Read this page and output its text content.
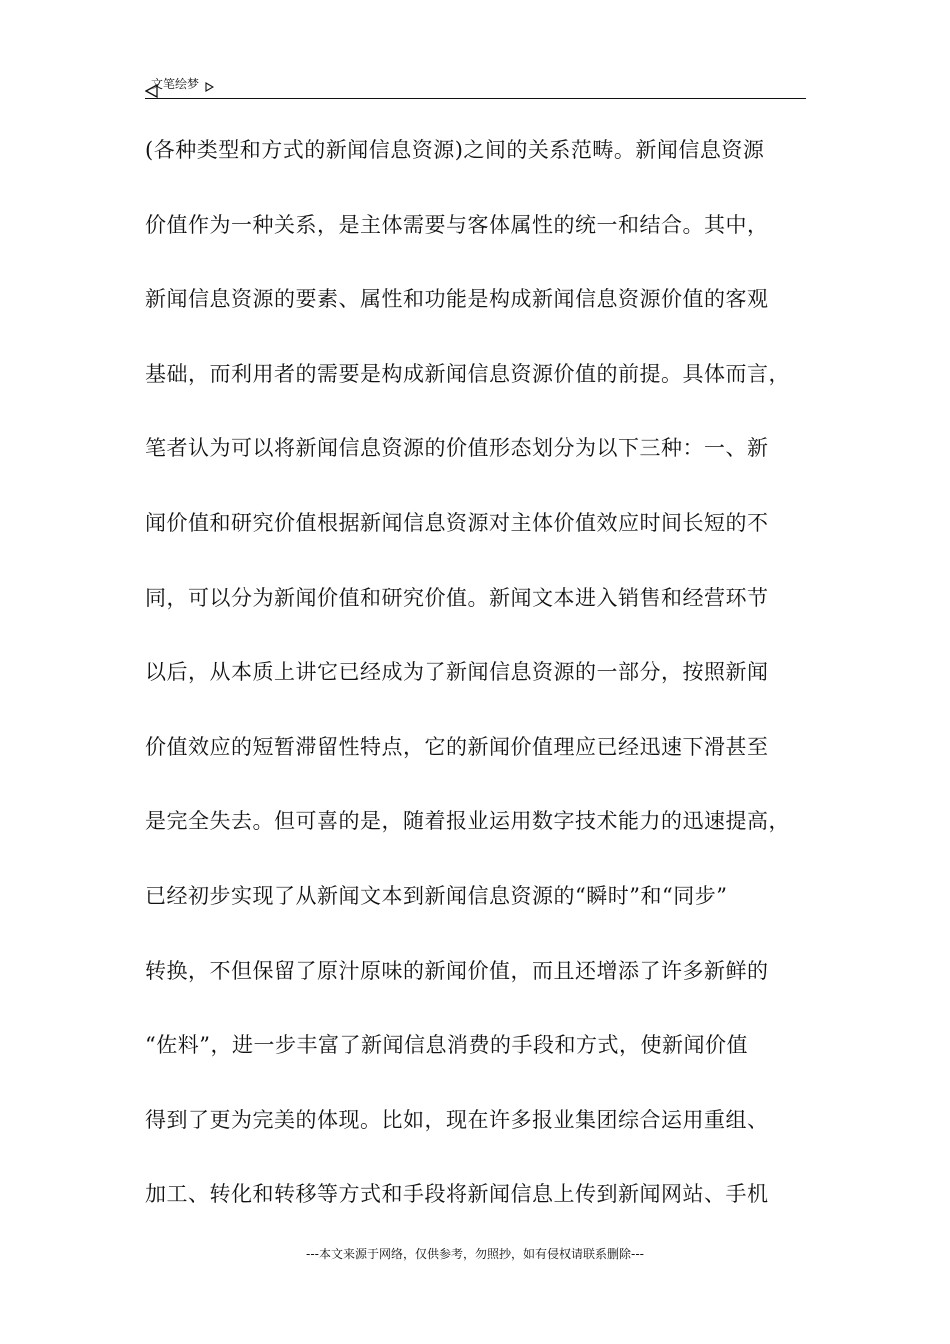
文笔绘梦
(各种类型和方式的新闻信息资源)之间的关系范畴。新闻信息资源
价值作为一种关系，是主体需要与客体属性的统一和结合。其中，
新闻信息资源的要素、属性和功能是构成新闻信息资源价值的客观
基础，而利用者的需要是构成新闻信息资源价值的前提。具体而言，
笔者认为可以将新闻信息资源的价值形态划分为以下三种：一、新
闻价值和研究价值根据新闻信息资源对主体价值效应时间长短的不
同，可以分为新闻价值和研究价值。新闻文本进入销售和经营环节
以后，从本质上讲它已经成为了新闻信息资源的一部分，按照新闻
价值效应的短暂滞留性特点，它的新闻价值理应已经迅速下滑甚至
是完全失去。但可喜的是，随着报业运用数字技术能力的迅速提高，
已经初步实现了从新闻文本到新闻信息资源的“瞬时”和“同步”
转换，不但保留了原汁原味的新闻价值，而且还增添了许多新鲜的
“佐料”，进一步丰富了新闻信息消费的手段和方式，使新闻价值
得到了更为完美的体现。比如，现在许多报业集团综合运用重组、
加工、转化和转移等方式和手段将新闻信息上传到新闻网站、手机
---本文来源于网络，仅供参考，勿照抄，如有侵权请联系删除---
